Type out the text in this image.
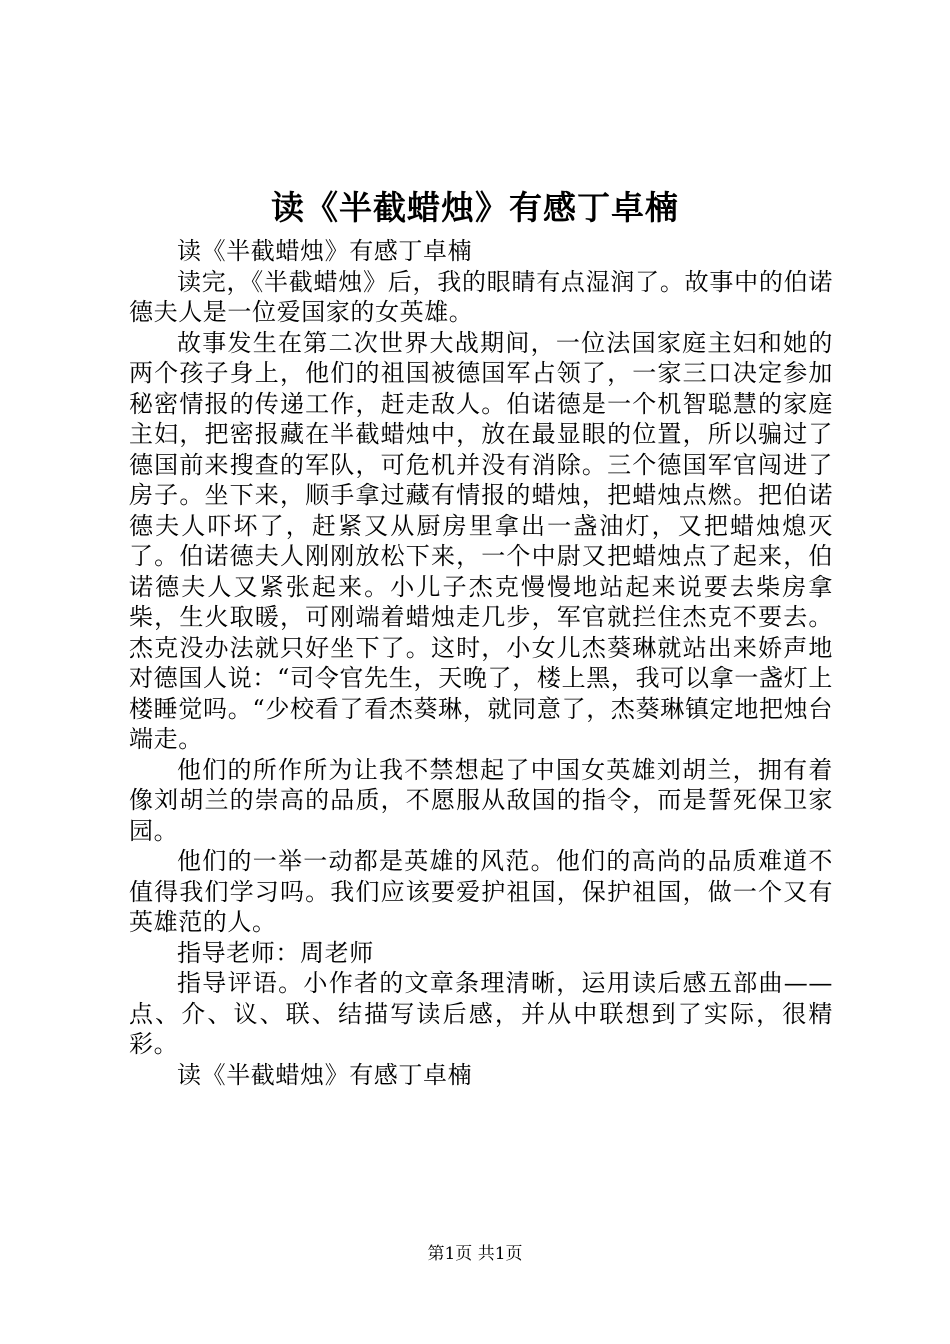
读《半截蜡烛》有感丁卓楠

读《半截蜡烛》有感丁卓楠

读完，《半截蜡烛》后，我的眼睛有点湿润了。故事中的伯诺德夫人是一位爱国家的女英雄。

故事发生在第二次世界大战期间，一位法国家庭主妇和她的两个孩子身上，他们的祖国被德国军占领了，一家三口决定参加秘密情报的传递工作，赶走敌人。伯诺德是一个机智聪慧的家庭主妇，把密报藏在半截蜡烛中，放在最显眼的位置，所以骗过了德国前来搜查的军队，可危机并没有消除。三个德国军官闯进了房子。坐下来，顺手拿过藏有情报的蜡烛，把蜡烛点燃。把伯诺德夫人吓坏了，赶紧又从厨房里拿出一盏油灯，又把蜡烛熄灭了。伯诺德夫人刚刚放松下来，一个中尉又把蜡烛点了起来，伯诺德夫人又紧张起来。小儿子杰克慢慢地站起来说要去柴房拿柴，生火取暖，可刚端着蜡烛走几步，军官就拦住杰克不要去。杰克没办法就只好坐下了。这时，小女儿杰葵琳就站出来娇声地对德国人说：“司令官先生，天晚了，楼上黑，我可以拿一盏灯上楼睡觉吗。“少校看了看杰葵琳，就同意了，杰葵琳镇定地把烛台端走。

他们的所作所为让我不禁想起了中国女英雄刘胡兰，拥有着像刘胡兰的崇高的品质，不愿服从敌国的指令，而是誓死保卫家园。

他们的一举一动都是英雄的风范。他们的高尚的品质难道不值得我们学习吗。我们应该要爱护祖国，保护祖国，做一个又有英雄范的人。

指导老师：周老师

指导评语。小作者的文章条理清晰，运用读后感五部曲——点、介、议、联、结描写读后感，并从中联想到了实际，很精彩。

读《半截蜡烛》有感丁卓楠

第1页 共1页
